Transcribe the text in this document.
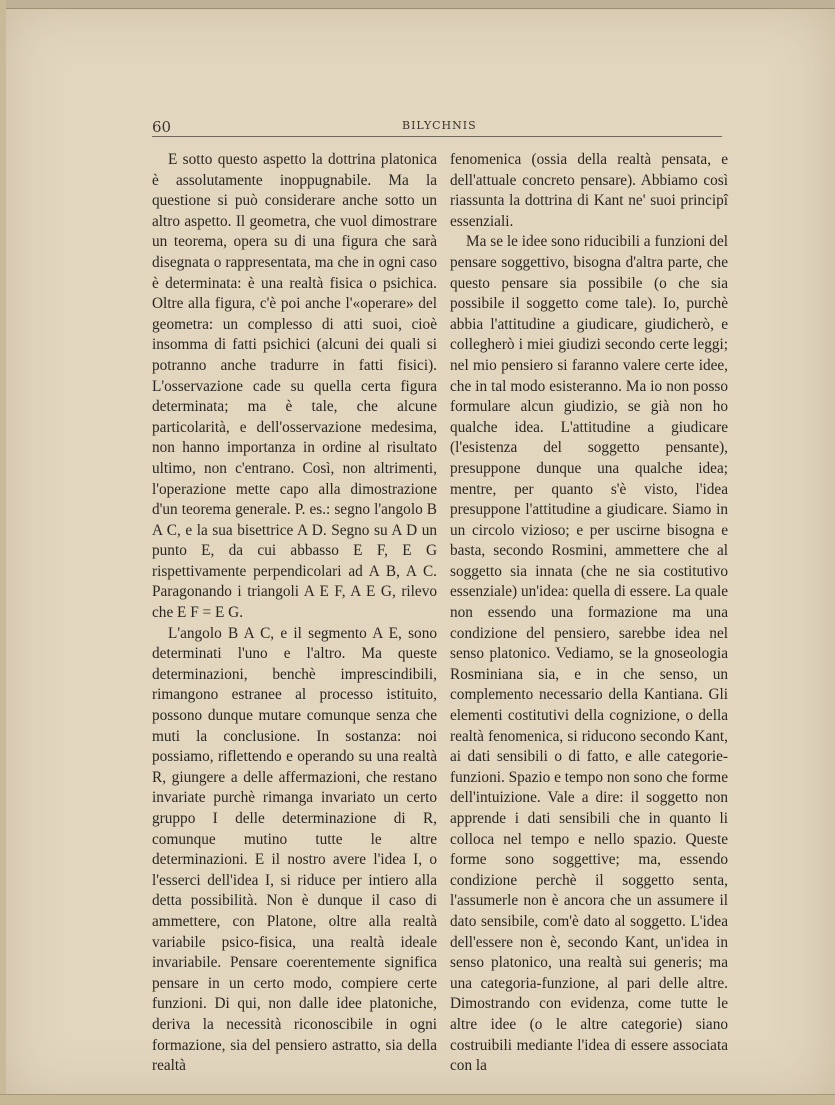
60	BILYCHNIS

E sotto questo aspetto la dottrina platonica è assolutamente inoppugnabile. Ma la questione si può considerare anche sotto un altro aspetto. Il geometra, che vuol dimostrare un teorema, opera su di una figura che sarà disegnata o rappresentata, ma che in ogni caso è determinata: è una realtà fisica o psichica. Oltre alla figura, c'è poi anche l'«operare» del geometra: un complesso di atti suoi, cioè insomma di fatti psichici (alcuni dei quali si potranno anche tradurre in fatti fisici). L'osservazione cade su quella certa figura determinata; ma è tale, che alcune particolarità, e dell'osservazione medesima, non hanno importanza in ordine al risultato ultimo, non c'entrano. Così, non altrimenti, l'operazione mette capo alla dimostrazione d'un teorema generale. P. es.: segno l'angolo B A C, e la sua bisettrice A D. Segno su A D un punto E, da cui abbasso E F, E G rispettivamente perpendicolari ad A B, A C. Paragonando i triangoli A E F, A E G, rilevo che E F = E G.

L'angolo B A C, e il segmento A E, sono determinati l'uno e l'altro. Ma queste determinazioni, benchè imprescindibili, rimangono estranee al processo istituito, possono dunque mutare comunque senza che muti la conclusione. In sostanza: noi possiamo, riflettendo e operando su una realtà R, giungere a delle affermazioni, che restano invariate purchè rimanga invariato un certo gruppo I delle determinazione di R, comunque mutino tutte le altre determinazioni. E il nostro avere l'idea I, o l'esserci dell'idea I, si riduce per intiero alla detta possibilità. Non è dunque il caso di ammettere, con Platone, oltre alla realtà variabile psico-fisica, una realtà ideale invariabile. Pensare coerentemente significa pensare in un certo modo, compiere certe funzioni. Di qui, non dalle idee platoniche, deriva la necessità riconoscibile in ogni formazione, sia del pensiero astratto, sia della realtà

fenomenica (ossia della realtà pensata, e dell'attuale concreto pensare). Abbiamo così riassunta la dottrina di Kant ne' suoi principî essenziali.

Ma se le idee sono riducibili a funzioni del pensare soggettivo, bisogna d'altra parte, che questo pensare sia possibile (o che sia possibile il soggetto come tale). Io, purchè abbia l'attitudine a giudicare, giudicherò, e collegherò i miei giudizi secondo certe leggi; nel mio pensiero si faranno valere certe idee, che in tal modo esisteranno. Ma io non posso formulare alcun giudizio, se già non ho qualche idea. L'attitudine a giudicare (l'esistenza del soggetto pensante), presuppone dunque una qualche idea; mentre, per quanto s'è visto, l'idea presuppone l'attitudine a giudicare. Siamo in un circolo vizioso; e per uscirne bisogna e basta, secondo Rosmini, ammettere che al soggetto sia innata (che ne sia costitutivo essenziale) un'idea: quella di essere. La quale non essendo una formazione ma una condizione del pensiero, sarebbe idea nel senso platonico. Vediamo, se la gnoseologia Rosminiana sia, e in che senso, un complemento necessario della Kantiana. Gli elementi costitutivi della cognizione, o della realtà fenomenica, si riducono secondo Kant, ai dati sensibili o di fatto, e alle categorie-funzioni. Spazio e tempo non sono che forme dell'intuizione. Vale a dire: il soggetto non apprende i dati sensibili che in quanto li colloca nel tempo e nello spazio. Queste forme sono soggettive; ma, essendo condizione perchè il soggetto senta, l'assumerle non è ancora che un assumere il dato sensibile, com'è dato al soggetto. L'idea dell'essere non è, secondo Kant, un'idea in senso platonico, una realtà sui generis; ma una categoria-funzione, al pari delle altre. Dimostrando con evidenza, come tutte le altre idee (o le altre categorie) siano costruibili mediante l'idea di essere associata con la
